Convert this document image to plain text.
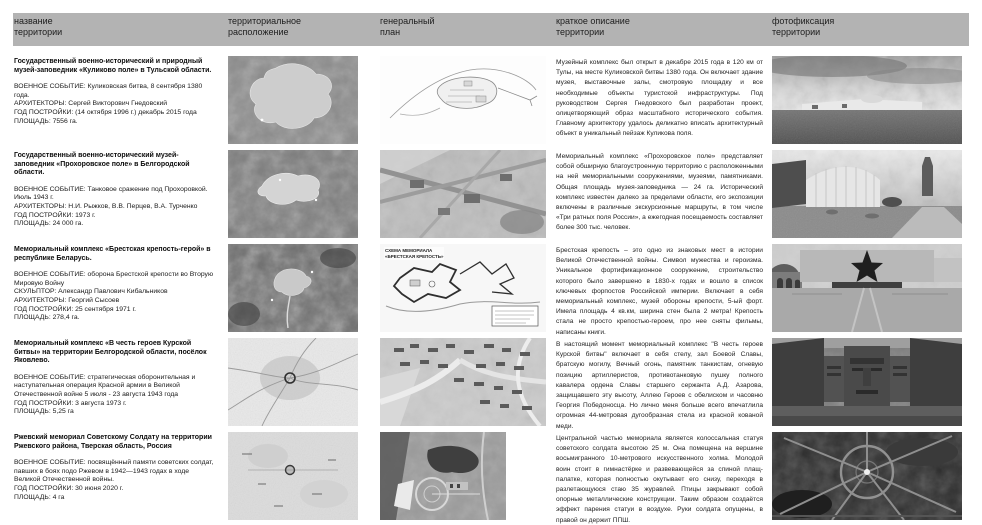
название
территории
территориальное
расположение
генеральный
план
краткое описание
территории
фотофиксация
территории
Государственный военно-исторический и природный музей-заповедник «Куликово поле» в Тульской области.
ВОЕННОЕ СОБЫТИЕ: Куликовская битва, 8 сентября 1380 года.
АРХИТЕКТОРЫ: Сергей Викторович Гнедовский
ГОД ПОСТРОЙКИ: (14 октября 1996 г.) декабрь 2015 года
ПЛОЩАДЬ: 7556 га.
Музейный комплекс был открыт в декабре 2015 года в 120 км от Тулы, на месте Куликовской битвы 1380 года. Он включает здание музея, выставочные залы, смотровую площадку и все необходимые объекты туристской инфраструктуры. Под руководством Сергея Гнедовского был разработан проект, олицетворяющий образ масштабного исторического события. Главному архитектору удалось деликатно вписать архитектурный объект в уникальный пейзаж Куликова поля.
Государственный военно-исторический музей-заповедник «Прохоровское поле» в Белгородской области.
ВОЕННОЕ СОБЫТИЕ: Танковое сражение под Прохоровкой. Июль 1943 г.
АРХИТЕКТОРЫ: Н.И. Рыжков, В.В. Перцев, В.А. Турченко
ГОД ПОСТРОЙКИ: 1973 г.
ПЛОЩАДЬ: 24 000 га.
Мемориальный комплекс «Прохоровское поле» представляет собой обширную благоустроенную территорию с расположенными на ней мемориальными сооружениями, музеями, памятниками. Общая площадь музея-заповедника — 24 га. Исторический комплекс известен далеко за пределами области, его экспозиции включены в различные экскурсионные маршруты, в том числе «Три ратных поля России», а ежегодная посещаемость составляет более 300 тыс. человек.
Мемориальный комплекс «Брестская крепость-герой» в республике Беларусь.
ВОЕННОЕ СОБЫТИЕ: оборона Брестской крепости во Вторую Мировую Войну
СКУЛЬПТОР: Александр Павлович Кибальников
АРХИТЕКТОРЫ: Георгий Сысоев
ГОД ПОСТРОЙКИ: 25 сентября 1971 г.
ПЛОЩАДЬ: 278,4 га.
СХЕМА МЕМОРИАЛА
«БРЕСТСКАЯ КРЕПОСТЬ»
Брестская крепость – это одно из знаковых мест в истории Великой Отечественной войны. Символ мужества и героизма. Уникальное фортификационное сооружение, строительство которого было завершено в 1830-х годах и вошло в список ключевых форпостов Российской империи. Включает в себя мемориальный комплекс, музей обороны крепости, 5-ый форт. Имела площадь 4 кв.км, ширина стен была 2 метра! Крепость стала не просто крепостью-героем, про нее сняты фильмы, написаны книги.
Мемориальный комплекс «В честь героев Курской битвы» на территории Белгородской области, посёлок Яковлево.
ВОЕННОЕ СОБЫТИЕ: стратегическая оборонительная и наступательная операция Красной армии в Великой Отечественной войне 5 июля - 23 августа 1943 года
ГОД ПОСТРОЙКИ: 3 августа 1973 г.
ПЛОЩАДЬ: 5,25 га
В настоящий момент мемориальный комплекс "В честь героев Курской битвы" включает в себя стелу, зал Боевой Славы, братскую могилу, Вечный огонь, памятник танкистам, огневую позицию артиллеристов, противотанковую пушку полного кавалера ордена Славы старшего сержанта А.Д. Азарова, защищавшего эту высоту, Аллею Героев с обелиском и часовню Георгия Победоносца. Но лично меня больше всего впечатлила огромная 44-метровая дугообразная стела из красной кованой меди.
Ржевский мемориал Советскому Солдату на территории Ржевского района, Тверская область, Россия
ВОЕННОЕ СОБЫТИЕ: посвящённый памяти советских солдат, павших в боях подо Ржевом в 1942—1943 годах в ходе Великой Отечественной войны.
ГОД ПОСТРОЙКИ: 30 июня 2020 г.
ПЛОЩАДЬ: 4 га
Центральной частью мемориала является колоссальная статуя советского солдата высотою 25 м. Она помещена на вершине восьмигранного 10-метрового искусственного холма. Молодой воин стоит в гимнастёрке и развевающейся за спиной плащ-палатке, которая полностью окутывает его снизу, переходя в разлетающуюся стаю 35 журавлей. Птицы закрывают собой опорные металлические конструкции. Таким образом создаётся эффект парения статуи в воздухе. Руки солдата опущены, в правой он держит ППШ.
